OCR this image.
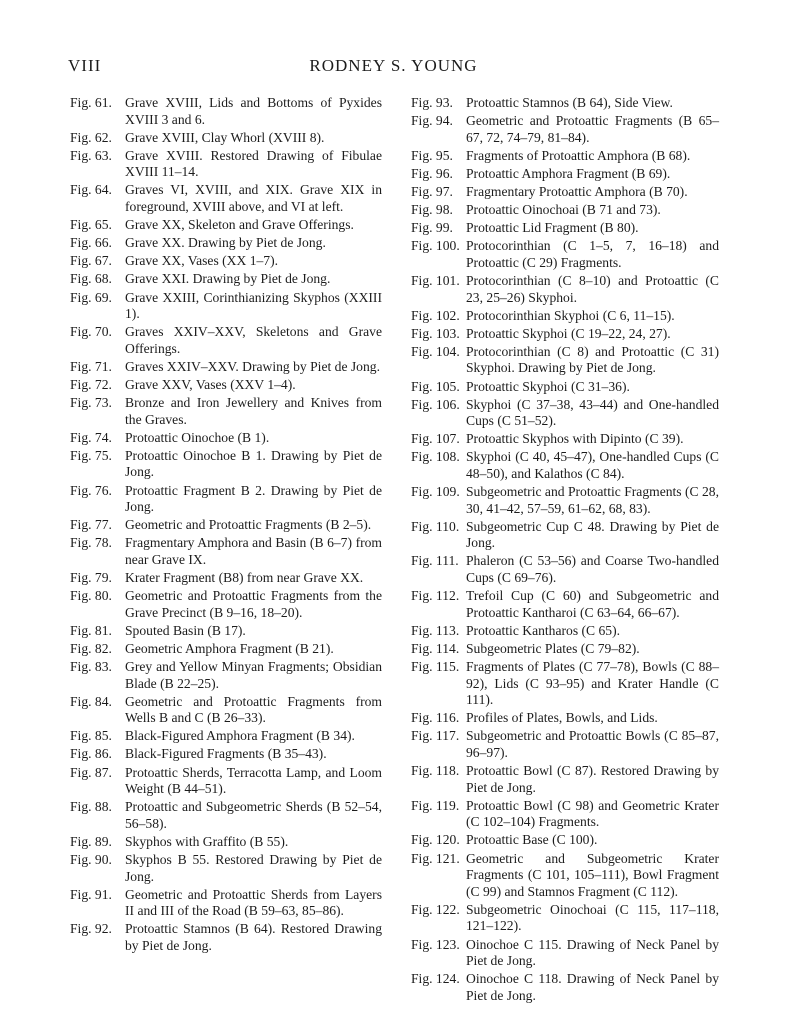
VIII	RODNEY S. YOUNG
Fig. 61. Grave XVIII, Lids and Bottoms of Pyxides XVIII 3 and 6.
Fig. 62. Grave XVIII, Clay Whorl (XVIII 8).
Fig. 63. Grave XVIII. Restored Drawing of Fibulae XVIII 11–14.
Fig. 64. Graves VI, XVIII, and XIX. Grave XIX in foreground, XVIII above, and VI at left.
Fig. 65. Grave XX, Skeleton and Grave Offerings.
Fig. 66. Grave XX. Drawing by Piet de Jong.
Fig. 67. Grave XX, Vases (XX 1–7).
Fig. 68. Grave XXI. Drawing by Piet de Jong.
Fig. 69. Grave XXIII, Corinthianizing Skyphos (XXIII 1).
Fig. 70. Graves XXIV–XXV, Skeletons and Grave Offerings.
Fig. 71. Graves XXIV–XXV. Drawing by Piet de Jong.
Fig. 72. Grave XXV, Vases (XXV 1–4).
Fig. 73. Bronze and Iron Jewellery and Knives from the Graves.
Fig. 74. Protoattic Oinochoe (B 1).
Fig. 75. Protoattic Oinochoe B 1. Drawing by Piet de Jong.
Fig. 76. Protoattic Fragment B 2. Drawing by Piet de Jong.
Fig. 77. Geometric and Protoattic Fragments (B 2–5).
Fig. 78. Fragmentary Amphora and Basin (B 6–7) from near Grave IX.
Fig. 79. Krater Fragment (B8) from near Grave XX.
Fig. 80. Geometric and Protoattic Fragments from the Grave Precinct (B 9–16, 18–20).
Fig. 81. Spouted Basin (B 17).
Fig. 82. Geometric Amphora Fragment (B 21).
Fig. 83. Grey and Yellow Minyan Fragments; Obsidian Blade (B 22–25).
Fig. 84. Geometric and Protoattic Fragments from Wells B and C (B 26–33).
Fig. 85. Black-Figured Amphora Fragment (B 34).
Fig. 86. Black-Figured Fragments (B 35–43).
Fig. 87. Protoattic Sherds, Terracotta Lamp, and Loom Weight (B 44–51).
Fig. 88. Protoattic and Subgeometric Sherds (B 52–54, 56–58).
Fig. 89. Skyphos with Graffito (B 55).
Fig. 90. Skyphos B 55. Restored Drawing by Piet de Jong.
Fig. 91. Geometric and Protoattic Sherds from Layers II and III of the Road (B 59–63, 85–86).
Fig. 92. Protoattic Stamnos (B 64). Restored Drawing by Piet de Jong.
Fig. 93. Protoattic Stamnos (B 64), Side View.
Fig. 94. Geometric and Protoattic Fragments (B 65–67, 72, 74–79, 81–84).
Fig. 95. Fragments of Protoattic Amphora (B 68).
Fig. 96. Protoattic Amphora Fragment (B 69).
Fig. 97. Fragmentary Protoattic Amphora (B 70).
Fig. 98. Protoattic Oinochoai (B 71 and 73).
Fig. 99. Protoattic Lid Fragment (B 80).
Fig. 100. Protocorinthian (C 1–5, 7, 16–18) and Protoattic (C 29) Fragments.
Fig. 101. Protocorinthian (C 8–10) and Protoattic (C 23, 25–26) Skyphoi.
Fig. 102. Protocorinthian Skyphoi (C 6, 11–15).
Fig. 103. Protoattic Skyphoi (C 19–22, 24, 27).
Fig. 104. Protocorinthian (C 8) and Protoattic (C 31) Skyphoi. Drawing by Piet de Jong.
Fig. 105. Protoattic Skyphoi (C 31–36).
Fig. 106. Skyphoi (C 37–38, 43–44) and One-handled Cups (C 51–52).
Fig. 107. Protoattic Skyphos with Dipinto (C 39).
Fig. 108. Skyphoi (C 40, 45–47), One-handled Cups (C 48–50), and Kalathos (C 84).
Fig. 109. Subgeometric and Protoattic Fragments (C 28, 30, 41–42, 57–59, 61–62, 68, 83).
Fig. 110. Subgeometric Cup C 48. Drawing by Piet de Jong.
Fig. 111. Phaleron (C 53–56) and Coarse Two-handled Cups (C 69–76).
Fig. 112. Trefoil Cup (C 60) and Subgeometric and Protoattic Kantharoi (C 63–64, 66–67).
Fig. 113. Protoattic Kantharos (C 65).
Fig. 114. Subgeometric Plates (C 79–82).
Fig. 115. Fragments of Plates (C 77–78), Bowls (C 88–92), Lids (C 93–95) and Krater Handle (C 111).
Fig. 116. Profiles of Plates, Bowls, and Lids.
Fig. 117. Subgeometric and Protoattic Bowls (C 85–87, 96–97).
Fig. 118. Protoattic Bowl (C 87). Restored Drawing by Piet de Jong.
Fig. 119. Protoattic Bowl (C 98) and Geometric Krater (C 102–104) Fragments.
Fig. 120. Protoattic Base (C 100).
Fig. 121. Geometric and Subgeometric Krater Fragments (C 101, 105–111), Bowl Fragment (C 99) and Stamnos Fragment (C 112).
Fig. 122. Subgeometric Oinochoai (C 115, 117–118, 121–122).
Fig. 123. Oinochoe C 115. Drawing of Neck Panel by Piet de Jong.
Fig. 124. Oinochoe C 118. Drawing of Neck Panel by Piet de Jong.
